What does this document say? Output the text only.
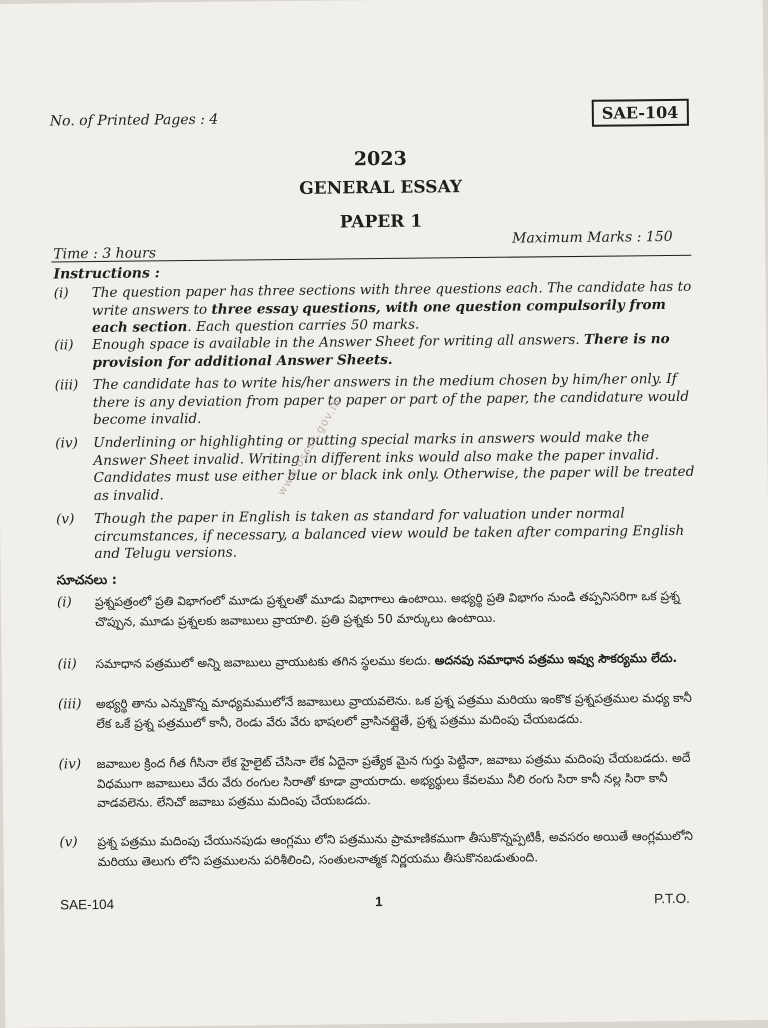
No. of Printed Pages : 4	SAE-104
2023
GENERAL ESSAY
PAPER 1
Maximum Marks : 150
Time : 3 hours
Instructions :
(i)	The question paper has three sections with three questions each. The candidate has to write answers to three essay questions, with one question compulsorily from each section. Each question carries 50 marks.
(ii)	Enough space is available in the Answer Sheet for writing all answers. There is no provision for additional Answer Sheets.
(iii)	The candidate has to write his/her answers in the medium chosen by him/her only. If there is any deviation from paper to paper or part of the paper, the candidature would become invalid.
(iv)	Underlining or highlighting or putting special marks in answers would make the Answer Sheet invalid. Writing in different inks would also make the paper invalid. Candidates must use either blue or black ink only. Otherwise, the paper will be treated as invalid.
(v)	Though the paper in English is taken as standard for valuation under normal circumstances, if necessary, a balanced view would be taken after comparing English and Telugu versions.
సూచనలు :
(i)	ప్రశ్నపత్రంలో ప్రతి విభాగంలో మూడు ప్రశ్నలతో మూడు విభాగాలు ఉంటాయి. అభ్యర్థి ప్రతి విభాగం నుండి తప్పనిసరిగా ఒక ప్రశ్న చొప్పున, మూడు ప్రశ్నలకు జవాబులు వ్రాయాలి. ప్రతి ప్రశ్నకు 50 మార్కులు ఉంటాయి.
(ii)	సమాధాన పత్రములో అన్ని జవాబులు వ్రాయుటకు తగిన స్థలము కలదు. అదనపు సమాధాన పత్రము ఇవ్వు సౌకర్యము లేదు.
(iii)	అభ్యర్థి తాను ఎన్నుకొన్న మాధ్యమములోనే జవాబులు వ్రాయవలెను. ఒక ప్రశ్న పత్రము మరియు ఇంకొక ప్రశ్నపత్రముల మధ్య కానీ లేక ఒకే ప్రశ్న పత్రములో కానీ, రెండు వేరు వేరు భాషలలో వ్రాసినట్లైతే, ప్రశ్న పత్రము మదింపు చేయబడదు.
(iv)	జవాబుల క్రింద గీత గీసినా లేక హైలైట్ చేసినా లేక ఏదైనా ప్రత్యేక మైన గుర్తు పెట్టినా, జవాబు పత్రము మదింపు చేయబడదు. అదే విధముగా జవాబులు వేరు వేరు రంగుల సిరాతో కూడా వ్రాయరాదు. అభ్యర్థులు కేవలము నీలి రంగు సిరా కానీ నల్ల సిరా కానీ వాడవలెను. లేనిచో జవాబు పత్రము మదింపు చేయబడదు.
(v)	ప్రశ్న పత్రము మదింపు చేయునపుడు ఆంగ్లము లోని పత్రమును ప్రామాణికముగా తీసుకొన్నప్పటికీ, అవసరం అయితే ఆంగ్లములోని మరియు తెలుగు లోని పత్రములను పరిశీలించి, సంతులనాత్మక నిర్ణయము తీసుకొనబడుతుంది.
SAE-104	1	P.T.O.
www.osssc.gov.in
